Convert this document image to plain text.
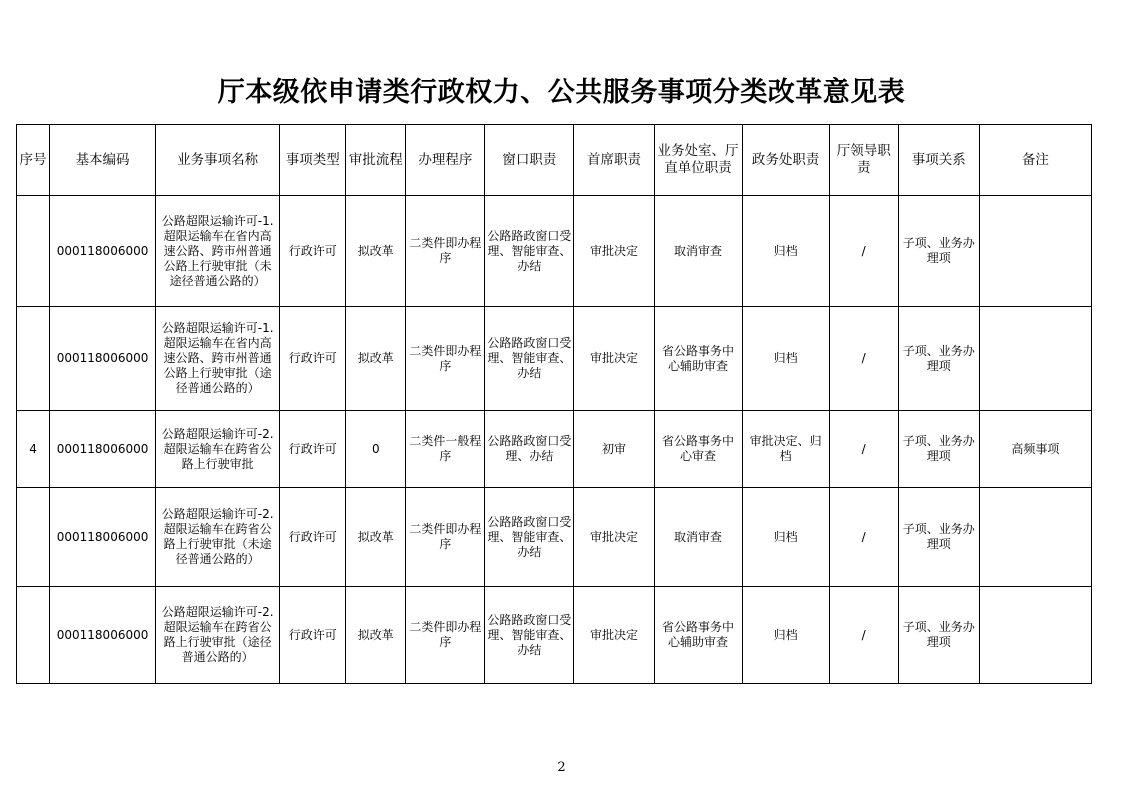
厅本级依申请类行政权力、公共服务事项分类改革意见表
序号	基本编码	业务事项名称	事项类型	审批流程	办理程序	窗口职责	首席职责	业务处室、厅直单位职责	政务处职责	厅领导职责	事项关系	备注
	000118006000	公路超限运输许可-1.超限运输车在省内高速公路、跨市州普通公路上行驶审批（未途径普通公路的）	行政许可	拟改革	二类件即办程序	公路路政窗口受理、智能审查、办结	审批决定	取消审查	归档	/	子项、业务办理项	
	000118006000	公路超限运输许可-1.超限运输车在省内高速公路、跨市州普通公路上行驶审批（途径普通公路的）	行政许可	拟改革	二类件即办程序	公路路政窗口受理、智能审查、办结	审批决定	省公路事务中心辅助审查	归档	/	子项、业务办理项	
4	000118006000	公路超限运输许可-2.超限运输车在跨省公路上行驶审批	行政许可	0	二类件一般程序	公路路政窗口受理、办结	初审	省公路事务中心审查	审批决定、归档	/	子项、业务办理项	高频事项
	000118006000	公路超限运输许可-2.超限运输车在跨省公路上行驶审批（未途径普通公路的）	行政许可	拟改革	二类件即办程序	公路路政窗口受理、智能审查、办结	审批决定	取消审查	归档	/	子项、业务办理项	
	000118006000	公路超限运输许可-2.超限运输车在跨省公路上行驶审批（途径普通公路的）	行政许可	拟改革	二类件即办程序	公路路政窗口受理、智能审查、办结	审批决定	省公路事务中心辅助审查	归档	/	子项、业务办理项	
2
